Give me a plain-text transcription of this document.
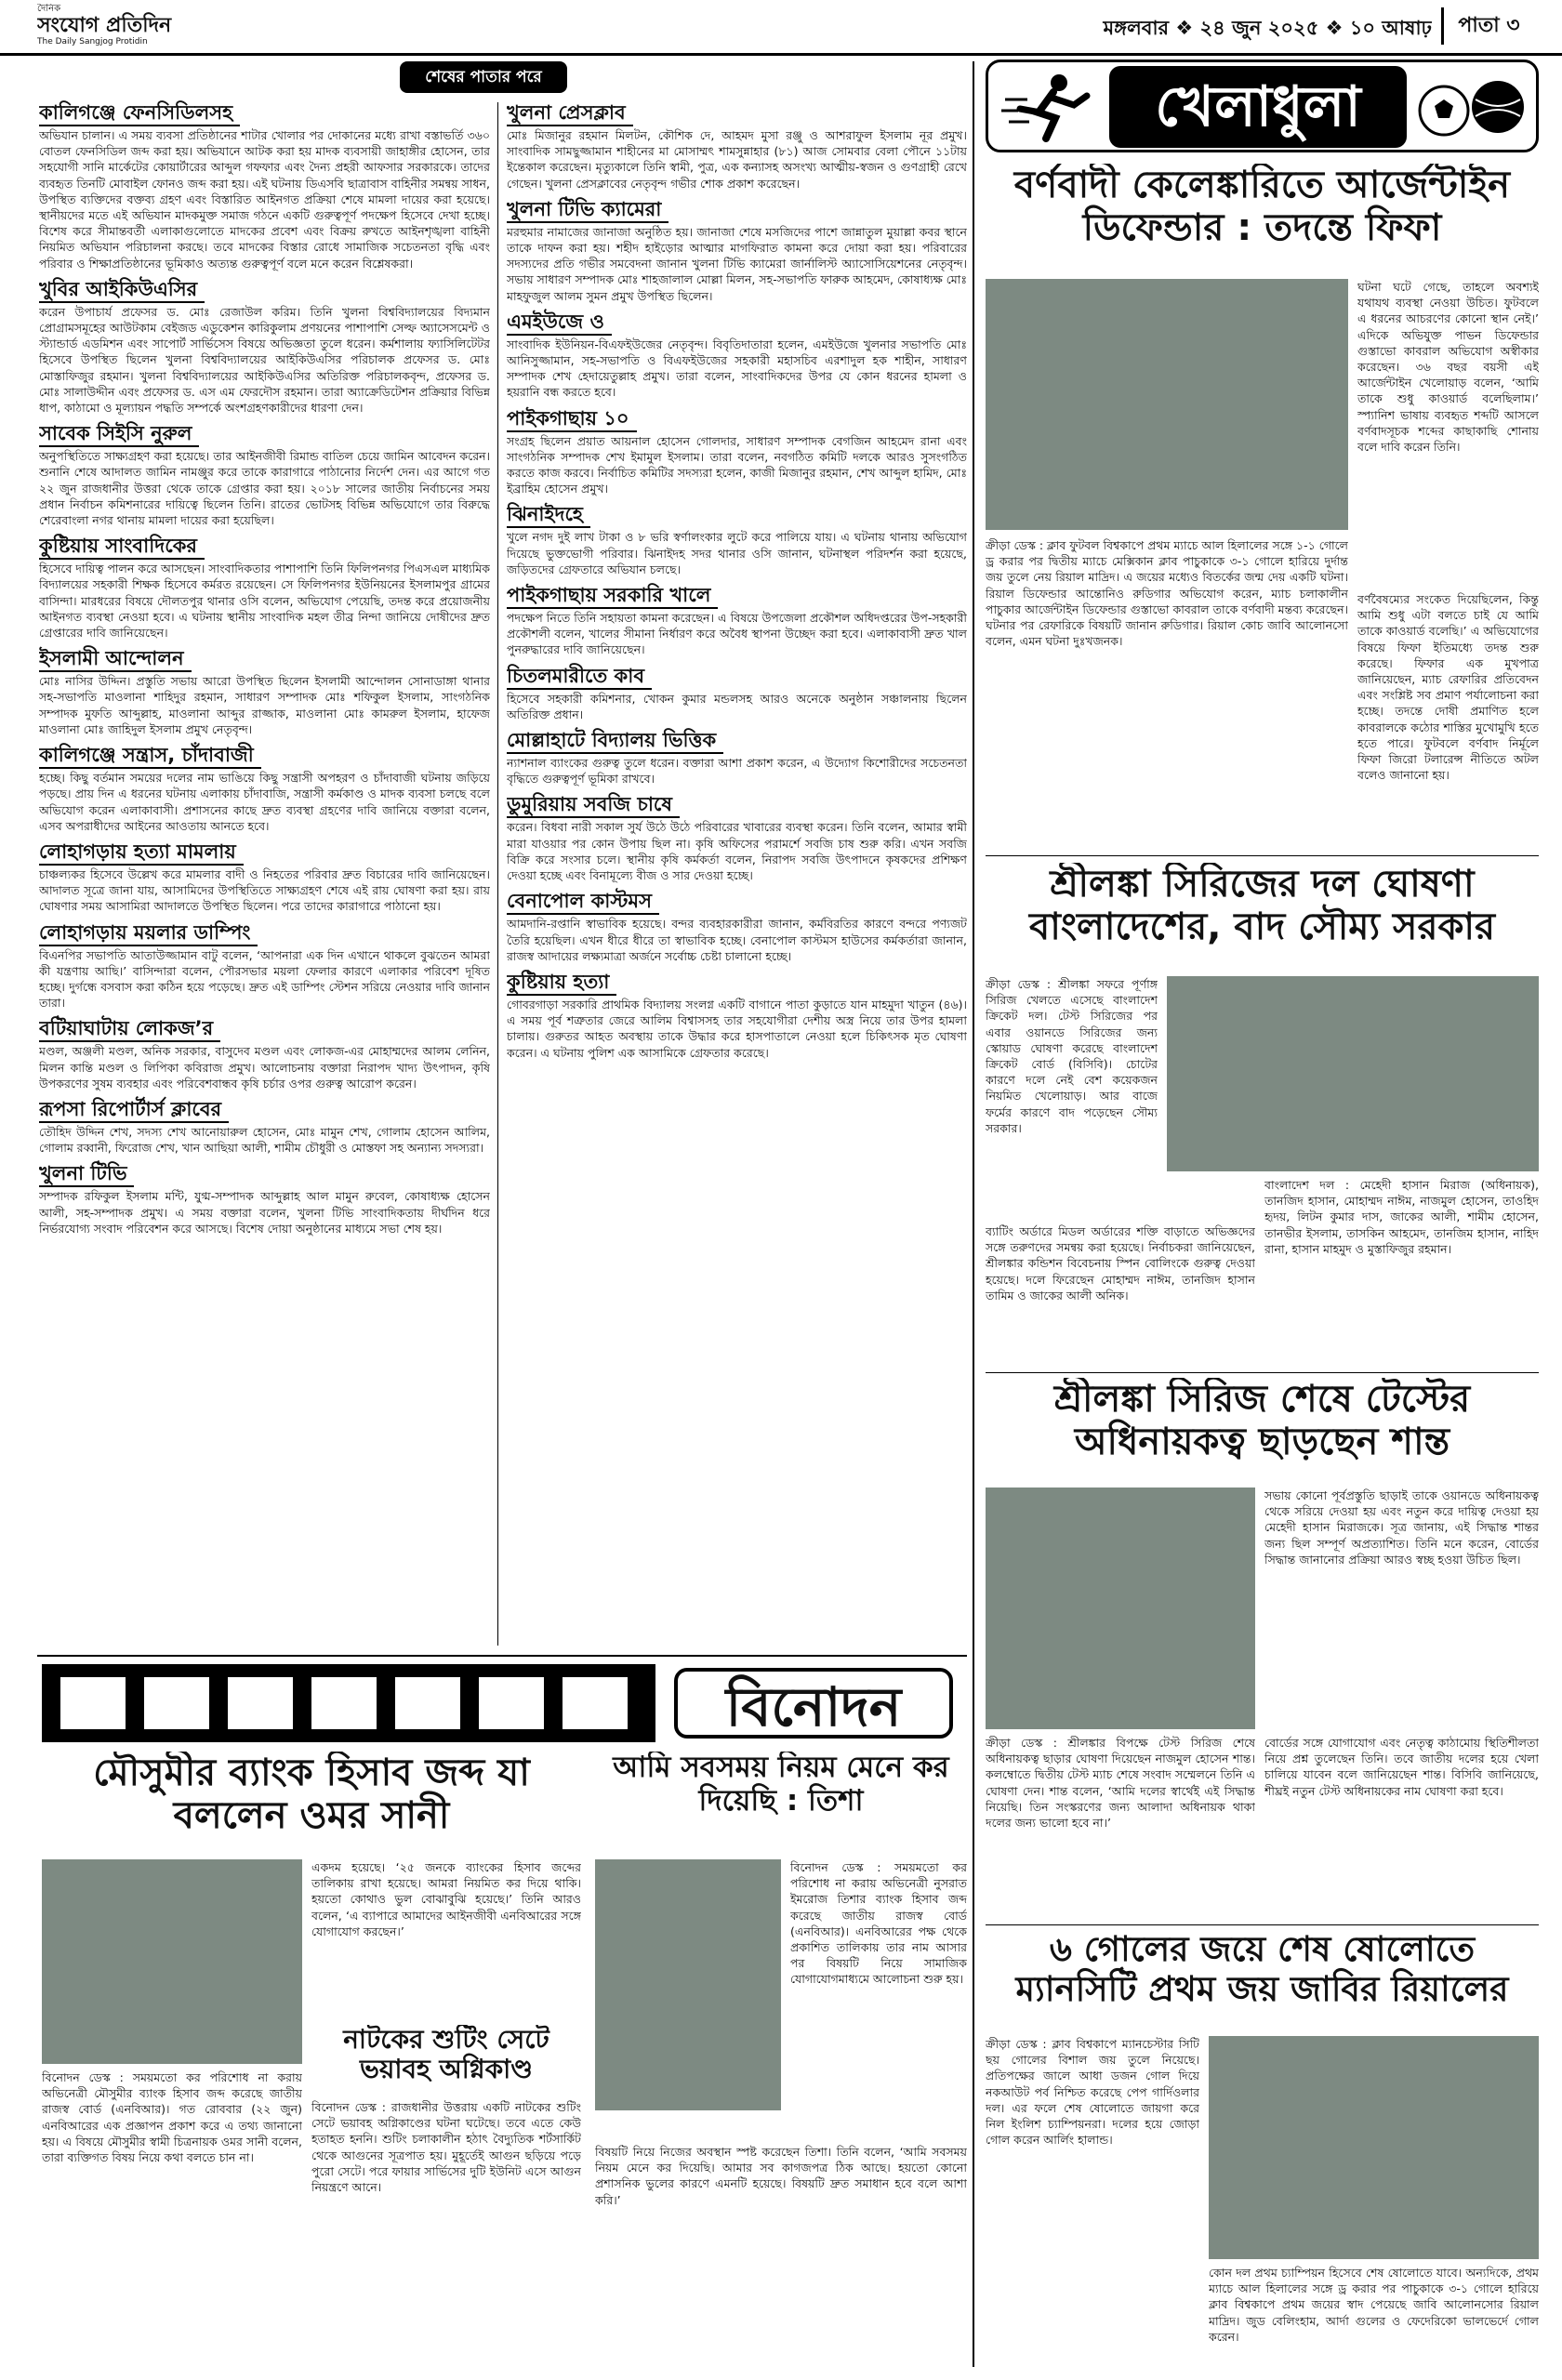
দৈনিক
সংযোগ প্রতিদিন
The Daily Sangjog Protidin
মঙ্গলবার ❖ ২৪ জুন ২০২৫ ❖ ১০ আষাঢ়	পাতা ৩
শেষের পাতার পরে
কালিগঞ্জে ফেনসিডিলসহ

অভিযান চালান। এ সময় ব্যবসা প্রতিষ্ঠানের শাটার খোলার পর দোকানের মধ্যে রাখা বস্তাভর্তি ৩৬০ বোতল ফেনসিডিল জব্দ করা হয়। অভিযানে আটক করা হয় মাদক ব্যবসায়ী জাহাঙ্গীর হোসেন, তার সহযোগী সানি মার্কেটের কোয়ার্টারের আব্দুল গফফার এবং দৈন্য প্রহরী আফসার সরকারকে। তাদের ব্যবহৃত তিনটি মোবাইল ফোনও জব্দ করা হয়। এই ঘটনায় ডিএসবি ছাত্রাবাস বাহিনীর সমন্বয় সাধন, উপস্থিত ব্যক্তিদের বক্তব্য গ্রহণ এবং বিস্তারিত আইনগত প্রক্রিয়া শেষে মামলা দায়ের করা হয়েছে। স্থানীয়দের মতে এই অভিযান মাদকমুক্ত সমাজ গঠনে একটি গুরুত্বপূর্ণ পদক্ষেপ হিসেবে দেখা হচ্ছে। বিশেষ করে সীমান্তবর্তী এলাকাগুলোতে মাদকের প্রবেশ এবং বিক্রয় রুখতে আইনশৃঙ্খলা বাহিনী নিয়মিত অভিযান পরিচালনা করছে। তবে মাদকের বিস্তার রোধে সামাজিক সচেতনতা বৃদ্ধি এবং পরিবার ও শিক্ষাপ্রতিষ্ঠানের ভূমিকাও অত্যন্ত গুরুত্বপূর্ণ বলে মনে করেন বিশ্লেষকরা।

খুবির আইকিউএসির

করেন উপাচার্য প্রফেসর ড. মোঃ রেজাউল করিম। তিনি খুলনা বিশ্ববিদ্যালয়ের বিদ্যমান প্রোগ্রামসমূহের আউটকাম বেইজড এডুকেশন কারিকুলাম প্রণয়নের পাশাপাশি সেল্ফ অ্যাসেসমেন্ট ও স্ট্যান্ডার্ড এডমিশন এবং সাপোর্ট সার্ভিসেস বিষয়ে অভিজ্ঞতা তুলে ধরেন। কর্মশালায় ফ্যাসিলিটেটর হিসেবে উপস্থিত ছিলেন খুলনা বিশ্ববিদ্যালয়ের আইকিউএসির পরিচালক প্রফেসর ড. মোঃ মোস্তাফিজুর রহমান। খুলনা বিশ্ববিদ্যালয়ের আইকিউএসির অতিরিক্ত পরিচালকবৃন্দ, প্রফেসর ড. মোঃ সালাউদ্দীন এবং প্রফেসর ড. এস এম ফেরদৌস রহমান। তারা অ্যাক্রেডিটেশন প্রক্রিয়ার বিভিন্ন ধাপ, কাঠামো ও মূল্যায়ন পদ্ধতি সম্পর্কে অংশগ্রহণকারীদের ধারণা দেন।

সাবেক সিইসি নুরুল

অনুপস্থিতিতে সাক্ষ্যগ্রহণ করা হয়েছে। তার আইনজীবী রিমান্ড বাতিল চেয়ে জামিন আবেদন করেন। শুনানি শেষে আদালত জামিন নামঞ্জুর করে তাকে কারাগারে পাঠানোর নির্দেশ দেন। এর আগে গত ২২ জুন রাজধানীর উত্তরা থেকে তাকে গ্রেপ্তার করা হয়। ২০১৮ সালের জাতীয় নির্বাচনের সময় প্রধান নির্বাচন কমিশনারের দায়িত্বে ছিলেন তিনি। রাতের ভোটসহ বিভিন্ন অভিযোগে তার বিরুদ্ধে শেরেবাংলা নগর থানায় মামলা দায়ের করা হয়েছিল।

কুষ্টিয়ায় সাংবাদিকের

হিসেবে দায়িত্ব পালন করে আসছেন। সাংবাদিকতার পাশাপাশি তিনি ফিলিপনগর পিএসএল মাধ্যমিক বিদ্যালয়ের সহকারী শিক্ষক হিসেবে কর্মরত রয়েছেন। সে ফিলিপনগর ইউনিয়নের ইসলামপুর গ্রামের বাসিন্দা। মারধরের বিষয়ে দৌলতপুর থানার ওসি বলেন, অভিযোগ পেয়েছি, তদন্ত করে প্রয়োজনীয় আইনগত ব্যবস্থা নেওয়া হবে। এ ঘটনায় স্থানীয় সাংবাদিক মহল তীব্র নিন্দা জানিয়ে দোষীদের দ্রুত গ্রেপ্তারের দাবি জানিয়েছেন।

ইসলামী আন্দোলন

মোঃ নাসির উদ্দিন। প্রস্তুতি সভায় আরো উপস্থিত ছিলেন ইসলামী আন্দোলন সোনাডাঙ্গা থানার সহ-সভাপতি মাওলানা শাহিদুর রহমান, সাধারণ সম্পাদক মোঃ শফিকুল ইসলাম, সাংগঠনিক সম্পাদক মুফতি আব্দুল্লাহ, মাওলানা আব্দুর রাজ্জাক, মাওলানা মোঃ কামরুল ইসলাম, হাফেজ মাওলানা মোঃ জাহিদুল ইসলাম প্রমুখ নেতৃবৃন্দ।

কালিগঞ্জে সন্ত্রাস, চাঁদাবাজী

হচ্ছে। কিছু বর্তমান সময়ের দলের নাম ভাঙিয়ে কিছু সন্ত্রাসী অপহরণ ও চাঁদাবাজী ঘটনায় জড়িয়ে পড়ছে। প্রায় দিন এ ধরনের ঘটনায় এলাকায় চাঁদাবাজি, সন্ত্রাসী কর্মকাণ্ড ও মাদক ব্যবসা চলছে বলে অভিযোগ করেন এলাকাবাসী। প্রশাসনের কাছে দ্রুত ব্যবস্থা গ্রহণের দাবি জানিয়ে বক্তারা বলেন, এসব অপরাধীদের আইনের আওতায় আনতে হবে।

লোহাগড়ায় হত্যা মামলায়

চাঞ্চল্যকর হিসেবে উল্লেখ করে মামলার বাদী ও নিহতের পরিবার দ্রুত বিচারের দাবি জানিয়েছেন। আদালত সূত্রে জানা যায়, আসামিদের উপস্থিতিতে সাক্ষ্যগ্রহণ শেষে এই রায় ঘোষণা করা হয়। রায় ঘোষণার সময় আসামিরা আদালতে উপস্থিত ছিলেন। পরে তাদের কারাগারে পাঠানো হয়।

লোহাগড়ায় ময়লার ডাম্পিং

বিএনপির সভাপতি আতাউজ্জামান বাটু বলেন, ‘আপনারা এক দিন এখানে থাকলে বুঝতেন আমরা কী যন্ত্রণায় আছি।’ বাসিন্দারা বলেন, পৌরসভার ময়লা ফেলার কারণে এলাকার পরিবেশ দূষিত হচ্ছে। দুর্গন্ধে বসবাস করা কঠিন হয়ে পড়েছে। দ্রুত এই ডাম্পিং স্টেশন সরিয়ে নেওয়ার দাবি জানান তারা।

বটিয়াঘাটায় লোকজ’র

মণ্ডল, অঞ্জলী মণ্ডল, অনিক সরকার, বাসুদেব মণ্ডল এবং লোকজ-এর মোহাম্মদের আলম লেনিন, মিলন কান্তি মণ্ডল ও লিপিকা কবিরাজ প্রমুখ। আলোচনায় বক্তারা নিরাপদ খাদ্য উৎপাদন, কৃষি উপকরণের সুষম ব্যবহার এবং পরিবেশবান্ধব কৃষি চর্চার ওপর গুরুত্ব আরোপ করেন।

রূপসা রিপোর্টার্স ক্লাবের

তৌহিদ উদ্দিন শেখ, সদস্য শেখ আনোয়ারুল হোসেন, মোঃ মামুন শেখ, গোলাম হোসেন আলিম, গোলাম রব্বানী, ফিরোজ শেখ, খান আছিয়া আলী, শামীম চৌধুরী ও মোস্তফা সহ অন্যান্য সদস্যরা।

খুলনা টিভি

সম্পাদক রফিকুল ইসলাম মন্টি, যুগ্ম-সম্পাদক আব্দুল্লাহ আল মামুন রুবেল, কোষাধ্যক্ষ হোসেন আলী, সহ-সম্পাদক প্রমুখ। এ সময় বক্তারা বলেন, খুলনা টিভি সাংবাদিকতায় দীর্ঘদিন ধরে নির্ভরযোগ্য সংবাদ পরিবেশন করে আসছে। বিশেষ দোয়া অনুষ্ঠানের মাধ্যমে সভা শেষ হয়।

খুলনা প্রেসক্লাব

মোঃ মিজানুর রহমান মিলটন, কৌশিক দে, আহমদ মুসা রঞ্জু ও আশরাফুল ইসলাম নূর প্রমুখ। সাংবাদিক সামছুজ্জামান শাহীনের মা মোসাম্মৎ শামসুন্নাহার (৮১) আজ সোমবার বেলা পৌনে ১১টায় ইন্তেকাল করেছেন। মৃত্যুকালে তিনি স্বামী, পুত্র, এক কন্যাসহ অসংখ্য আত্মীয়-স্বজন ও গুণগ্রাহী রেখে গেছেন। খুলনা প্রেসক্লাবের নেতৃবৃন্দ গভীর শোক প্রকাশ করেছেন।

খুলনা টিভি ক্যামেরা

মরহুমার নামাজের জানাজা অনুষ্ঠিত হয়। জানাজা শেষে মসজিদের পাশে জান্নাতুল মুয়াল্লা কবর স্থানে তাকে দাফন করা হয়। শহীদ হাইড়োর আত্মার মাগফিরাত কামনা করে দোয়া করা হয়। পরিবারের সদস্যদের প্রতি গভীর সমবেদনা জানান খুলনা টিভি ক্যামেরা জার্নালিস্ট অ্যাসোসিয়েশনের নেতৃবৃন্দ। সভায় সাধারণ সম্পাদক মোঃ শাহজালাল মোল্লা মিলন, সহ-সভাপতি ফারুক আহমেদ, কোষাধ্যক্ষ মোঃ মাহফুজুল আলম সুমন প্রমুখ উপস্থিত ছিলেন।

এমইউজে ও

সাংবাদিক ইউনিয়ন-বিএফইউজের নেতৃবৃন্দ। বিবৃতিদাতারা হলেন, এমইউজে খুলনার সভাপতি মোঃ আনিসুজ্জামান, সহ-সভাপতি ও বিএফইউজের সহকারী মহাসচিব এরশাদুল হক শাহীন, সাধারণ সম্পাদক শেখ হেদায়েতুল্লাহ প্রমুখ। তারা বলেন, সাংবাদিকদের উপর যে কোন ধরনের হামলা ও হয়রানি বন্ধ করতে হবে।

পাইকগাছায় ১০

সংগ্রহ ছিলেন প্রয়াত আয়নাল হোসেন গোলদার, সাধারণ সম্পাদক বেগজিন আহমেদ রানা এবং সাংগঠনিক সম্পাদক শেখ ইমামুল ইসলাম। তারা বলেন, নবগঠিত কমিটি দলকে আরও সুসংগঠিত করতে কাজ করবে। নির্বাচিত কমিটির সদস্যরা হলেন, কাজী মিজানুর রহমান, শেখ আব্দুল হামিদ, মোঃ ইব্রাহিম হোসেন প্রমুখ।

ঝিনাইদহে

খুলে নগদ দুই লাখ টাকা ও ৮ ভরি স্বর্ণালংকার লুটে করে পালিয়ে যায়। এ ঘটনায় থানায় অভিযোগ দিয়েছে ভুক্তভোগী পরিবার। ঝিনাইদহ সদর থানার ওসি জানান, ঘটনাস্থল পরিদর্শন করা হয়েছে, জড়িতদের গ্রেফতারে অভিযান চলছে।

পাইকগাছায় সরকারি খালে

পদক্ষেপ নিতে তিনি সহায়তা কামনা করেছেন। এ বিষয়ে উপজেলা প্রকৌশল অধিদপ্তরের উপ-সহকারী প্রকৌশলী বলেন, খালের সীমানা নির্ধারণ করে অবৈধ স্থাপনা উচ্ছেদ করা হবে। এলাকাবাসী দ্রুত খাল পুনরুদ্ধারের দাবি জানিয়েছেন।

চিতলমারীতে কাব

হিসেবে সহকারী কমিশনার, খোকন কুমার মন্ডলসহ আরও অনেকে অনুষ্ঠান সঞ্চালনায় ছিলেন অতিরিক্ত প্রধান।

মোল্লাহাটে বিদ্যালয় ভিত্তিক

ন্যাশনাল ব্যাংকের গুরুত্ব তুলে ধরেন। বক্তারা আশা প্রকাশ করেন, এ উদ্যোগ কিশোরীদের সচেতনতা বৃদ্ধিতে গুরুত্বপূর্ণ ভূমিকা রাখবে।

ডুমুরিয়ায় সবজি চাষে

করেন। বিধবা নারী সকাল সুর্য উঠে উঠে পরিবারের খাবারের ব্যবস্থা করেন। তিনি বলেন, আমার স্বামী মারা যাওয়ার পর কোন উপায় ছিল না। কৃষি অফিসের পরামর্শে সবজি চাষ শুরু করি। এখন সবজি বিক্রি করে সংসার চলে। স্থানীয় কৃষি কর্মকর্তা বলেন, নিরাপদ সবজি উৎপাদনে কৃষকদের প্রশিক্ষণ দেওয়া হচ্ছে এবং বিনামূল্যে বীজ ও সার দেওয়া হচ্ছে।

বেনাপোল কাস্টমস

আমদানি-রপ্তানি স্বাভাবিক হয়েছে। বন্দর ব্যবহারকারীরা জানান, কর্মবিরতির কারণে বন্দরে পণ্যজট তৈরি হয়েছিল। এখন ধীরে ধীরে তা স্বাভাবিক হচ্ছে। বেনাপোল কাস্টমস হাউসের কর্মকর্তারা জানান, রাজস্ব আদায়ের লক্ষ্যমাত্রা অর্জনে সর্বোচ্চ চেষ্টা চালানো হচ্ছে।

কুষ্টিয়ায় হত্যা

গোবরগাড়া সরকারি প্রাথমিক বিদ্যালয় সংলগ্ন একটি বাগানে পাতা কুড়াতে যান মাহমুদা খাতুন (৪৬)। এ সময় পূর্ব শত্রুতার জেরে আলিম বিশ্বাসসহ তার সহযোগীরা দেশীয় অস্ত্র নিয়ে তার উপর হামলা চালায়। গুরুতর আহত অবস্থায় তাকে উদ্ধার করে হাসপাতালে নেওয়া হলে চিকিৎসক মৃত ঘোষণা করেন। এ ঘটনায় পুলিশ এক আসামিকে গ্রেফতার করেছে।

বিনোদন
মৌসুমীর ব্যাংক হিসাব জব্দ যা বললেন ওমর সানী
বিনোদন ডেস্ক : সময়মতো কর পরিশোধ না করায় অভিনেত্রী মৌসুমীর ব্যাংক হিসাব জব্দ করেছে জাতীয় রাজস্ব বোর্ড (এনবিআর)। গত রোববার (২২ জুন) এনবিআরের এক প্রজ্ঞাপন প্রকাশ করে এ তথ্য জানানো হয়। এ বিষয়ে মৌসুমীর স্বামী চিত্রনায়ক ওমর সানী বলেন, তারা ব্যক্তিগত বিষয় নিয়ে কথা বলতে চান না।
একদম হয়েছে। ‘২৫ জনকে ব্যাংকের হিসাব জব্দের তালিকায় রাখা হয়েছে। আমরা নিয়মিত কর দিয়ে থাকি। হয়তো কোথাও ভুল বোঝাবুঝি হয়েছে।’ তিনি আরও বলেন, ‘এ ব্যাপারে আমাদের আইনজীবী এনবিআরের সঙ্গে যোগাযোগ করছেন।’
নাটকের শুটিং সেটে ভয়াবহ অগ্নিকাণ্ড
বিনোদন ডেস্ক : রাজধানীর উত্তরায় একটি নাটকের শুটিং সেটে ভয়াবহ অগ্নিকাণ্ডের ঘটনা ঘটেছে। তবে এতে কেউ হতাহত হননি। শুটিং চলাকালীন হঠাৎ বৈদ্যুতিক শর্টসার্কিট থেকে আগুনের সূত্রপাত হয়। মুহূর্তেই আগুন ছড়িয়ে পড়ে পুরো সেটে। পরে ফায়ার সার্ভিসের দুটি ইউনিট এসে আগুন নিয়ন্ত্রণে আনে।
আমি সবসময় নিয়ম মেনে কর দিয়েছি : তিশা
বিনোদন ডেস্ক : সময়মতো কর পরিশোধ না করায় অভিনেত্রী নুসরাত ইমরোজ তিশার ব্যাংক হিসাব জব্দ করেছে জাতীয় রাজস্ব বোর্ড (এনবিআর)। এনবিআরের পক্ষ থেকে প্রকাশিত তালিকায় তার নাম আসার পর বিষয়টি নিয়ে সামাজিক যোগাযোগমাধ্যমে আলোচনা শুরু হয়।
বিষয়টি নিয়ে নিজের অবস্থান স্পষ্ট করেছেন তিশা। তিনি বলেন, ‘আমি সবসময় নিয়ম মেনে কর দিয়েছি। আমার সব কাগজপত্র ঠিক আছে। হয়তো কোনো প্রশাসনিক ভুলের কারণে এমনটি হয়েছে। বিষয়টি দ্রুত সমাধান হবে বলে আশা করি।’
খেলাধুলা
বর্ণবাদী কেলেঙ্কারিতে আর্জেন্টাইন ডিফেন্ডার : তদন্তে ফিফা
ঘটনা ঘটে গেছে, তাহলে অবশ্যই যথাযথ ব্যবস্থা নেওয়া উচিত। ফুটবলে এ ধরনের আচরণের কোনো স্থান নেই।’ এদিকে অভিযুক্ত পাভন ডিফেন্ডার গুস্তাভো কাবরাল অভিযোগ অস্বীকার করেছেন। ৩৬ বছর বয়সী এই আর্জেন্টাইন খেলোয়াড় বলেন, ‘আমি তাকে শুধু কাওয়ার্ড বলেছিলাম।’ স্প্যানিশ ভাষায় ব্যবহৃত শব্দটি আসলে বর্ণবাদসূচক শব্দের কাছাকাছি শোনায় বলে দাবি করেন তিনি।
ক্রীড়া ডেস্ক : ক্লাব ফুটবল বিশ্বকাপে প্রথম ম্যাচে আল হিলালের সঙ্গে ১-১ গোলে ড্র করার পর দ্বিতীয় ম্যাচে মেক্সিকান ক্লাব পাচুকাকে ৩-১ গোলে হারিয়ে দুর্দান্ত জয় তুলে নেয় রিয়াল মাদ্রিদ। এ জয়ের মধ্যেও বিতর্কের জন্ম দেয় একটি ঘটনা। রিয়াল ডিফেন্ডার আন্তোনিও রুডিগার অভিযোগ করেন, ম্যাচ চলাকালীন পাচুকার আর্জেন্টাইন ডিফেন্ডার গুস্তাভো কাবরাল তাকে বর্ণবাদী মন্তব্য করেছেন। ঘটনার পর রেফারিকে বিষয়টি জানান রুডিগার। রিয়াল কোচ জাবি আলোনসো বলেন, এমন ঘটনা দুঃখজনক।
বর্ণবৈষম্যের সংকেত দিয়েছিলেন, কিন্তু আমি শুধু এটা বলতে চাই যে আমি তাকে কাওয়ার্ড বলেছি।’ এ অভিযোগের বিষয়ে ফিফা ইতিমধ্যে তদন্ত শুরু করেছে। ফিফার এক মুখপাত্র জানিয়েছেন, ম্যাচ রেফারির প্রতিবেদন এবং সংশ্লিষ্ট সব প্রমাণ পর্যালোচনা করা হচ্ছে। তদন্তে দোষী প্রমাণিত হলে কাবরালকে কঠোর শাস্তির মুখোমুখি হতে হতে পারে। ফুটবলে বর্ণবাদ নির্মূলে ফিফা জিরো টলারেন্স নীতিতে অটল বলেও জানানো হয়।
শ্রীলঙ্কা সিরিজের দল ঘোষণা বাংলাদেশের, বাদ সৌম্য সরকার
ক্রীড়া ডেস্ক : শ্রীলঙ্কা সফরে পূর্ণাঙ্গ সিরিজ খেলতে এসেছে বাংলাদেশ ক্রিকেট দল। টেস্ট সিরিজের পর এবার ওয়ানডে সিরিজের জন্য স্কোয়াড ঘোষণা করেছে বাংলাদেশ ক্রিকেট বোর্ড (বিসিবি)। চোটের কারণে দলে নেই বেশ কয়েকজন নিয়মিত খেলোয়াড়। আর বাজে ফর্মের কারণে বাদ পড়েছেন সৌম্য সরকার।
ব্যাটিং অর্ডারে মিডল অর্ডারের শক্তি বাড়াতে অভিজ্ঞদের সঙ্গে তরুণদের সমন্বয় করা হয়েছে। নির্বাচকরা জানিয়েছেন, শ্রীলঙ্কার কন্ডিশন বিবেচনায় স্পিন বোলিংকে গুরুত্ব দেওয়া হয়েছে। দলে ফিরেছেন মোহাম্মদ নাঈম, তানজিদ হাসান তামিম ও জাকের আলী অনিক।
বাংলাদেশ দল : মেহেদী হাসান মিরাজ (অধিনায়ক), তানজিদ হাসান, মোহাম্মদ নাঈম, নাজমুল হোসেন, তাওহিদ হৃদয়, লিটন কুমার দাস, জাকের আলী, শামীম হোসেন, তানভীর ইসলাম, তাসকিন আহমেদ, তানজিম হাসান, নাহিদ রানা, হাসান মাহমুদ ও মুস্তাফিজুর রহমান।
শ্রীলঙ্কা সিরিজ শেষে টেস্টের অধিনায়কত্ব ছাড়ছেন শান্ত
সভায় কোনো পূর্বপ্রস্তুতি ছাড়াই তাকে ওয়ানডে অধিনায়কত্ব থেকে সরিয়ে দেওয়া হয় এবং নতুন করে দায়িত্ব দেওয়া হয় মেহেদী হাসান মিরাজকে। সূত্র জানায়, এই সিদ্ধান্ত শান্তর জন্য ছিল সম্পূর্ণ অপ্রত্যাশিত। তিনি মনে করেন, বোর্ডের সিদ্ধান্ত জানানোর প্রক্রিয়া আরও স্বচ্ছ হওয়া উচিত ছিল।
ক্রীড়া ডেস্ক : শ্রীলঙ্কার বিপক্ষে টেস্ট সিরিজ শেষে অধিনায়কত্ব ছাড়ার ঘোষণা দিয়েছেন নাজমুল হোসেন শান্ত। কলম্বোতে দ্বিতীয় টেস্ট ম্যাচ শেষে সংবাদ সম্মেলনে তিনি এ ঘোষণা দেন। শান্ত বলেন, ‘আমি দলের স্বার্থেই এই সিদ্ধান্ত নিয়েছি। তিন সংস্করণের জন্য আলাদা অধিনায়ক থাকা দলের জন্য ভালো হবে না।’
বোর্ডের সঙ্গে যোগাযোগ এবং নেতৃত্ব কাঠামোয় স্থিতিশীলতা নিয়ে প্রশ্ন তুলেছেন তিনি। তবে জাতীয় দলের হয়ে খেলা চালিয়ে যাবেন বলে জানিয়েছেন শান্ত। বিসিবি জানিয়েছে, শীঘ্রই নতুন টেস্ট অধিনায়কের নাম ঘোষণা করা হবে।
৬ গোলের জয়ে শেষ ষোলোতে ম্যানসিটি প্রথম জয় জাবির রিয়ালের
ক্রীড়া ডেস্ক : ক্লাব বিশ্বকাপে ম্যানচেস্টার সিটি ছয় গোলের বিশাল জয় তুলে নিয়েছে। প্রতিপক্ষের জালে আধা ডজন গোল দিয়ে নকআউট পর্ব নিশ্চিত করেছে পেপ গার্দিওলার দল। এর ফলে শেষ ষোলোতে জায়গা করে নিল ইংলিশ চ্যাম্পিয়নরা। দলের হয়ে জোড়া গোল করেন আর্লিং হালান্ড।
কোন দল প্রথম চ্যাম্পিয়ন হিসেবে শেষ ষোলোতে যাবে। অন্যদিকে, প্রথম ম্যাচে আল হিলালের সঙ্গে ড্র করার পর পাচুকাকে ৩-১ গোলে হারিয়ে ক্লাব বিশ্বকাপে প্রথম জয়ের স্বাদ পেয়েছে জাবি আলোনসোর রিয়াল মাদ্রিদ। জুড বেলিংহাম, আর্দা গুলের ও ফেদেরিকো ভালভের্দে গোল করেন।
